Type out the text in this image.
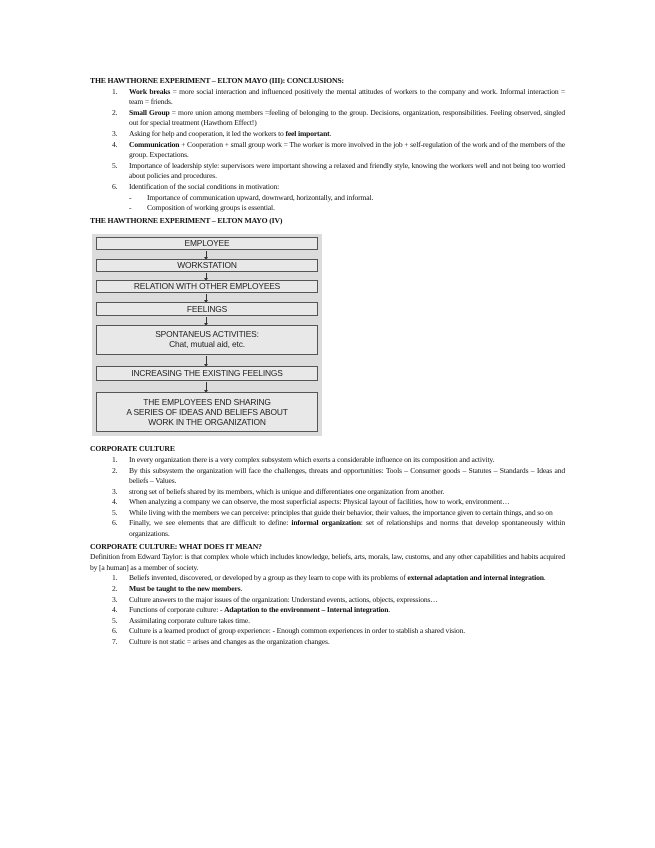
THE HAWTHORNE EXPERIMENT – ELTON MAYO (III): CONCLUSIONS:

1. Work breaks = more social interaction and influenced positively the mental attitudes of workers to the company and work. Informal interaction = team = friends.
2. Small Group = more union among members =feeling of belonging to the group. Decisions, organization, responsibilities. Feeling observed, singled out for special treatment (Hawthorn Effect!)
3. Asking for help and cooperation, it led the workers to feel important.
4. Communication + Cooperation + small group work = The worker is more involved in the job + self-regulation of the work and of the members of the group. Expectations.
5. Importance of leadership style: supervisors were important showing a relaxed and friendly style, knowing the workers well and not being too worried about policies and procedures.
6. Identification of the social conditions in motivation:
- Importance of communication upward, downward, horizontally, and informal.
- Composition of working groups is essential.

THE HAWTHORNE EXPERIMENT – ELTON MAYO (IV)

EMPLOYEE
WORKSTATION
RELATION WITH OTHER EMPLOYEES
FEELINGS
SPONTANEUS ACTIVITIES:
Chat, mutual aid, etc.
INCREASING THE EXISTING FEELINGS
THE EMPLOYEES END SHARING
A SERIES OF IDEAS AND BELIEFS ABOUT
WORK IN THE ORGANIZATION

CORPORATE CULTURE

1. In every organization there is a very complex subsystem which exerts a considerable influence on its composition and activity.
2. By this subsystem the organization will face the challenges, threats and opportunities: Tools – Consumer goods – Statutes – Standards – Ideas and beliefs – Values.
3. strong set of beliefs shared by its members, which is unique and differentiates one organization from another.
4. When analyzing a company we can observe, the most superficial aspects: Physical layout of facilities, how to work, environment…
5. While living with the members we can perceive: principles that guide their behavior, their values, the importance given to certain things, and so on
6. Finally, we see elements that are difficult to define: informal organization: set of relationships and norms that develop spontaneously within organizations.

CORPORATE CULTURE: WHAT DOES IT MEAN?

Definition from Edward Taylor: is that complex whole which includes knowledge, beliefs, arts, morals, law, customs, and any other capabilities and habits acquired by [a human] as a member of society.
1. Beliefs invented, discovered, or developed by a group as they learn to cope with its problems of external adaptation and internal integration.
2. Must be taught to the new members.
3. Culture answers to the major issues of the organization: Understand events, actions, objects, expressions…
4. Functions of corporate culture: - Adaptation to the environment – Internal integration.
5. Assimilating corporate culture takes time.
6. Culture is a learned product of group experience: - Enough common experiences in order to stablish a shared vision.
7. Culture is not static = arises and changes as the organization changes.
